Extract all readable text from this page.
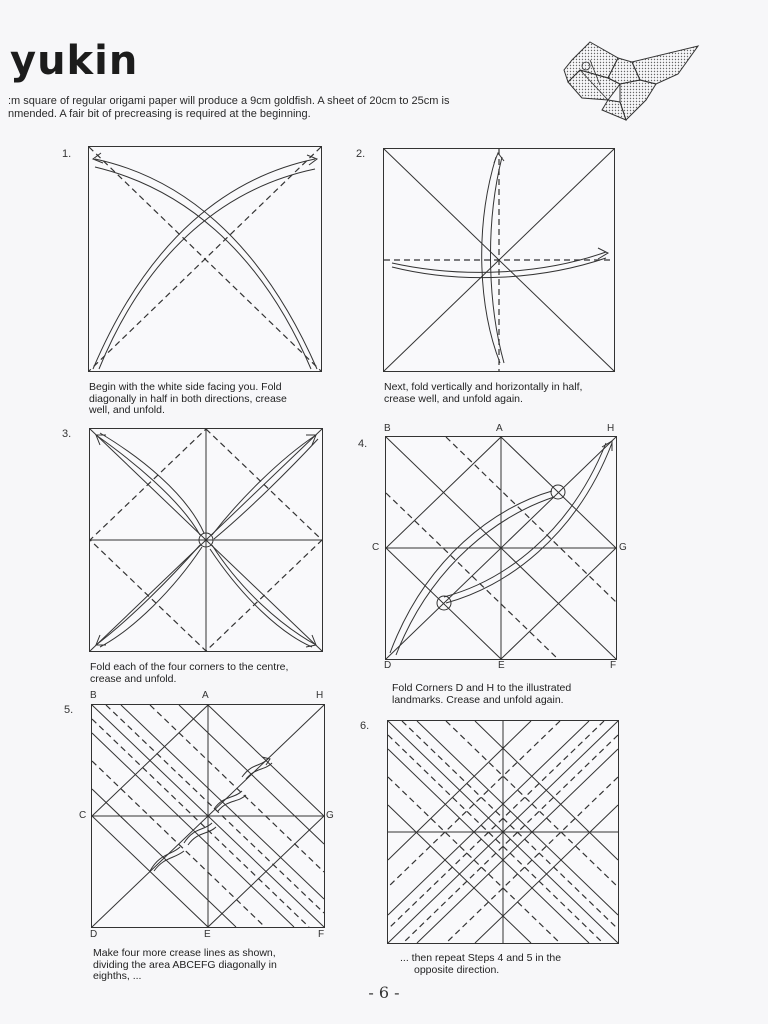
yukin
:m square of regular origami paper will produce a 9cm goldfish. A sheet of 20cm to 25cm is
nmended. A fair bit of precreasing is required at the beginning.
1.
Begin with the white side facing you. Fold
diagonally in half in both directions, crease
well, and unfold.
2.
Next, fold vertically and horizontally in half,
crease well, and unfold again.
3.
Fold each of the four corners to the centre,
crease and unfold.
4.
B	A	H
C	G
D	E	F
Fold Corners D and H to the illustrated
landmarks. Crease and unfold again.
5.
B	A	H
C	G
D	E	F
Make four more crease lines as shown,
dividing the area ABCEFG diagonally in
eighths, ...
6.
... then repeat Steps 4 and 5 in the
opposite direction.
- 6 -
